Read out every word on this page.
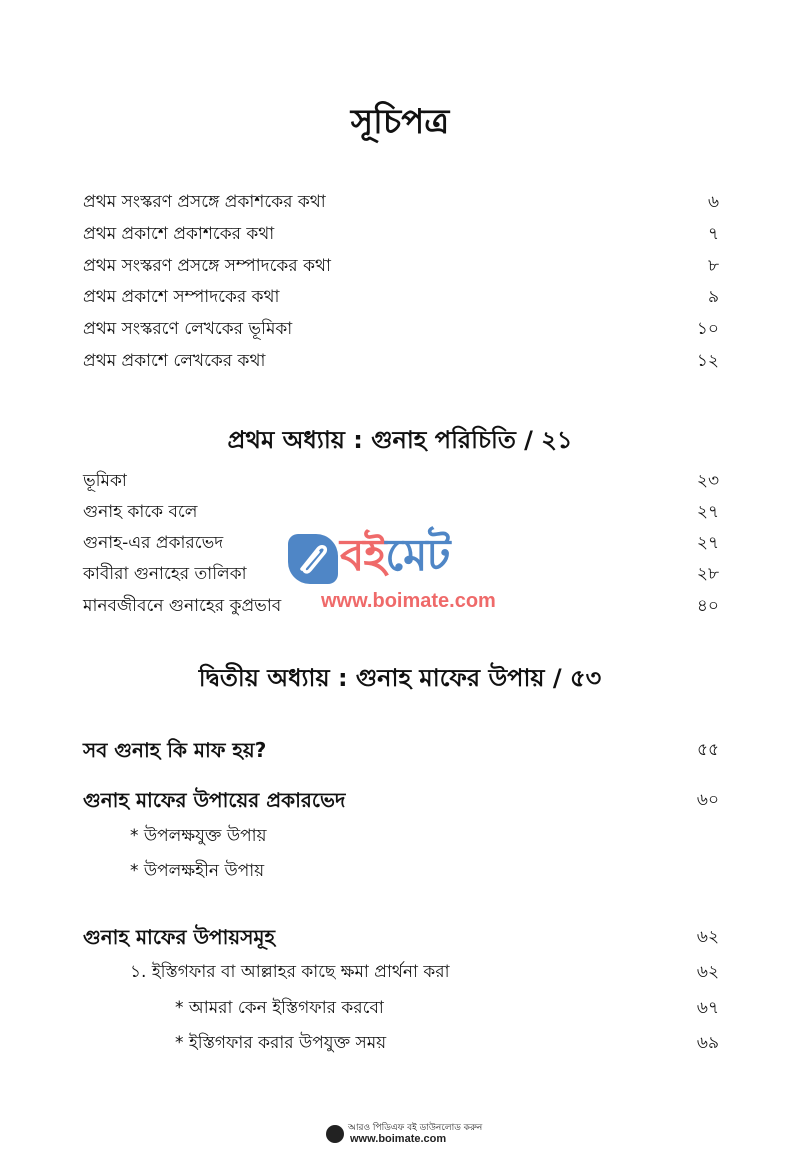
সূচিপত্র
প্রথম সংস্করণ প্রসঙ্গে প্রকাশকের কথা	৬
প্রথম প্রকাশে প্রকাশকের কথা	৭
প্রথম সংস্করণ প্রসঙ্গে সম্পাদকের কথা	৮
প্রথম প্রকাশে সম্পাদকের কথা	৯
প্রথম সংস্করণে লেখকের ভূমিকা	১০
প্রথম প্রকাশে লেখকের কথা	১২
প্রথম অধ্যায় : গুনাহ পরিচিতি / ২১
ভূমিকা	২৩
গুনাহ কাকে বলে	২৭
গুনাহ-এর প্রকারভেদ	২৭
কাবীরা গুনাহের তালিকা	২৮
মানবজীবনে গুনাহের কুপ্রভাব	৪০
বইমেট
www.boimate.com
দ্বিতীয় অধ্যায় : গুনাহ মাফের উপায় / ৫৩
সব গুনাহ কি মাফ হয়?	৫৫
গুনাহ মাফের উপায়ের প্রকারভেদ	৬০
* উপলক্ষযুক্ত উপায়
* উপলক্ষহীন উপায়
গুনাহ মাফের উপায়সমূহ	৬২
১. ইস্তিগফার বা আল্লাহর কাছে ক্ষমা প্রার্থনা করা	৬২
* আমরা কেন ইস্তিগফার করবো	৬৭
* ইস্তিগফার করার উপযুক্ত সময়	৬৯
আরও পিডিএফ বই ডাউনলোড করুন
www.boimate.com
